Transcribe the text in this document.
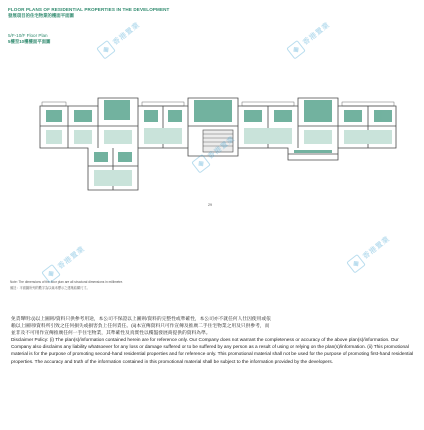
FLOOR PLANS OF RESIDENTIAL PROPERTIES IN THE DEVELOPMENT
發展項目的住宅物業的樓面平面圖
5/F-10/F Floor Plan
5樓至10樓樓面平面圖
29
Note: The dimensions of the floor plan are all structural dimensions in millimetre.
備註：平面圖所列的數字為以毫米標示之建築結構尺寸。

免責聲明:(i)以上圖則/資料只供參考用途，本公司不保證以上圖則/資料的完整性或準確性，本公司亦不就任何人仕因使用或依

賴以上圖則/資料所引致之任何損失或損害負上任何責任。(ii)本宣傳資料只可作宣傳及推廣二手住宅物業之用及只供參考，而

並非及不可用作宣傳推廣任何一手住宅物業，其準確性及真實性以樓盤發展商提供的資料為準。

Disclaimer Policy: (i) The plan(s)/information contained herein are for reference only. Our Company does not warrant the completeness or accuracy of the above plan(s)/information. Our Company also disclaims any liability whatsoever for any loss or damage suffered or to be suffered by any person as a result of using or relying on the plan(s)/information. (ii) This promotional material is for the purpose of promoting second-hand residential properties and for reference only. This promotional material shall not be used for the purpose of promoting first-hand residential properties. The accuracy and truth of the information contained in this promotional material shall be subject to the information provided by the developers.

◈
香港置業
◈
香港置業
◈
香港置業
◈
香港置業	◈
香港置業
